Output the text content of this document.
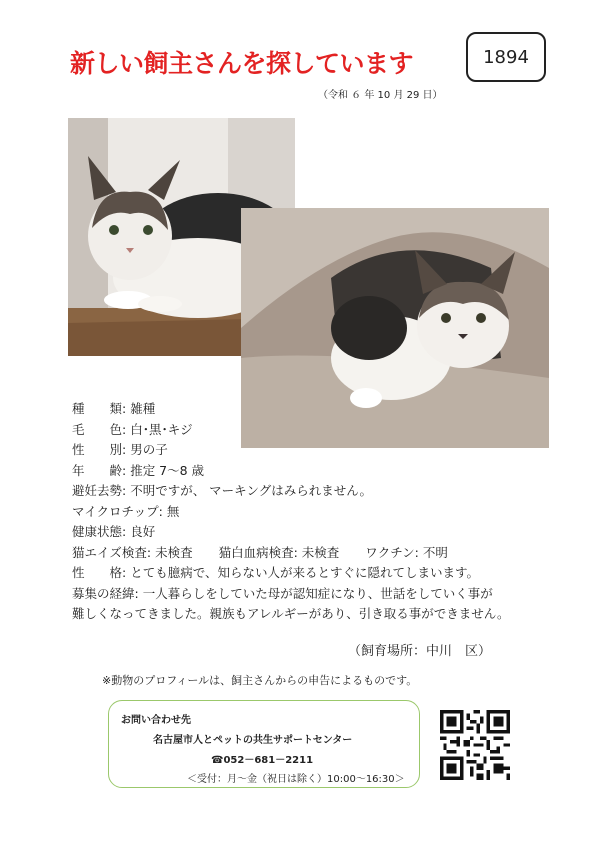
新しい飼主さんを探しています	1894
（令和 ６ 年 10 月 29 日）
種　　類: 雑種
毛　　色: 白･黒･キジ
性　　別: 男の子
年　　齢: 推定 7～8 歳
避妊去勢: 不明ですが、 マーキングはみられません。
マイクロチップ: 無
健康状態: 良好
猫エイズ検査: 未検査 猫白血病検査: 未検査 ワクチン: 不明
性　　格: とても臆病で、知らない人が来るとすぐに隠れてしまいます。
募集の経緯: 一人暮らしをしていた母が認知症になり、世話をしていく事が
難しくなってきました。親族もアレルギーがあり、引き取る事ができません。
（飼育場所：中川　区）
※動物のプロフィールは、飼主さんからの申告によるものです。
お問い合わせ先
名古屋市人とペットの共生サポートセンター
☎052－681－2211
＜受付：月～金（祝日は除く）10:00～16:30＞
